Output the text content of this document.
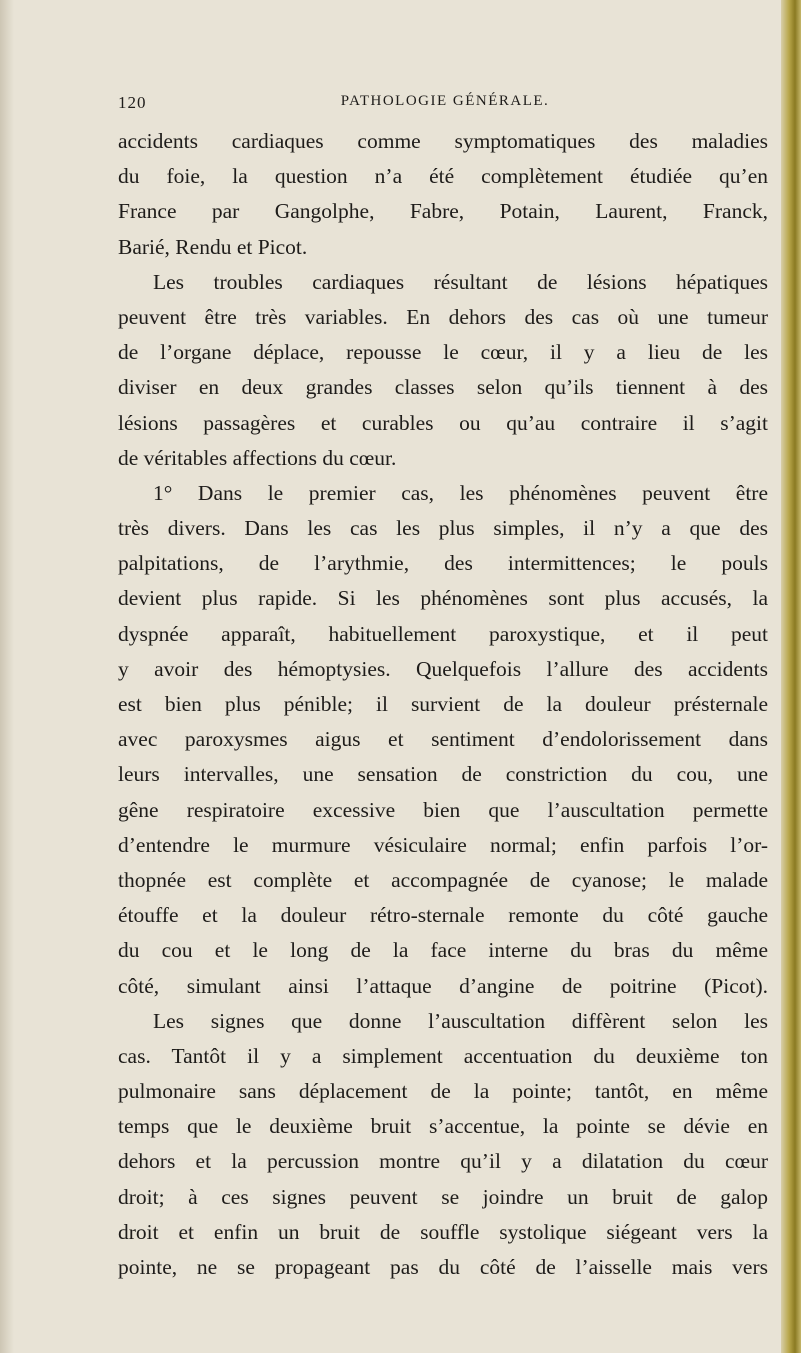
120	PATHOLOGIE GÉNÉRALE.
accidents cardiaques comme symptomatiques des maladies
du foie, la question n’a été complètement étudiée qu’en
France par Gangolphe, Fabre, Potain, Laurent, Franck,
Barié, Rendu et Picot.
Les troubles cardiaques résultant de lésions hépatiques
peuvent être très variables. En dehors des cas où une tumeur
de l’organe déplace, repousse le cœur, il y a lieu de les
diviser en deux grandes classes selon qu’ils tiennent à des
lésions passagères et curables ou qu’au contraire il s’agit
de véritables affections du cœur.
1° Dans le premier cas, les phénomènes peuvent être
très divers. Dans les cas les plus simples, il n’y a que des
palpitations, de l’arythmie, des intermittences; le pouls
devient plus rapide. Si les phénomènes sont plus accusés, la
dyspnée apparaît, habituellement paroxystique, et il peut
y avoir des hémoptysies. Quelquefois l’allure des accidents
est bien plus pénible; il survient de la douleur présternale
avec paroxysmes aigus et sentiment d’endolorissement dans
leurs intervalles, une sensation de constriction du cou, une
gêne respiratoire excessive bien que l’auscultation permette
d’entendre le murmure vésiculaire normal; enfin parfois l’or-
thopnée est complète et accompagnée de cyanose; le malade
étouffe et la douleur rétro-sternale remonte du côté gauche
du cou et le long de la face interne du bras du même
côté, simulant ainsi l’attaque d’angine de poitrine (Picot).
Les signes que donne l’auscultation diffèrent selon les
cas. Tantôt il y a simplement accentuation du deuxième ton
pulmonaire sans déplacement de la pointe; tantôt, en même
temps que le deuxième bruit s’accentue, la pointe se dévie en
dehors et la percussion montre qu’il y a dilatation du cœur
droit; à ces signes peuvent se joindre un bruit de galop
droit et enfin un bruit de souffle systolique siégeant vers la
pointe, ne se propageant pas du côté de l’aisselle mais vers
